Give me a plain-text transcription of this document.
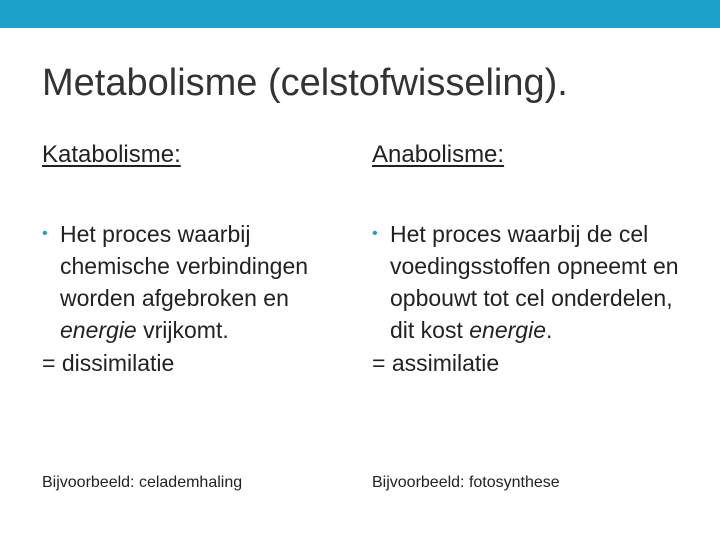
Metabolisme (celstofwisseling).

Katabolisme:

• Het proces waarbij chemische verbindingen worden afgebroken en energie vrijkomt.
= dissimilatie

Anabolisme:

• Het proces waarbij de cel voedingsstoffen opneemt en opbouwt tot cel onderdelen, dit kost energie.
= assimilatie
Bijvoorbeeld: celademhaling	Bijvoorbeeld: fotosynthese
